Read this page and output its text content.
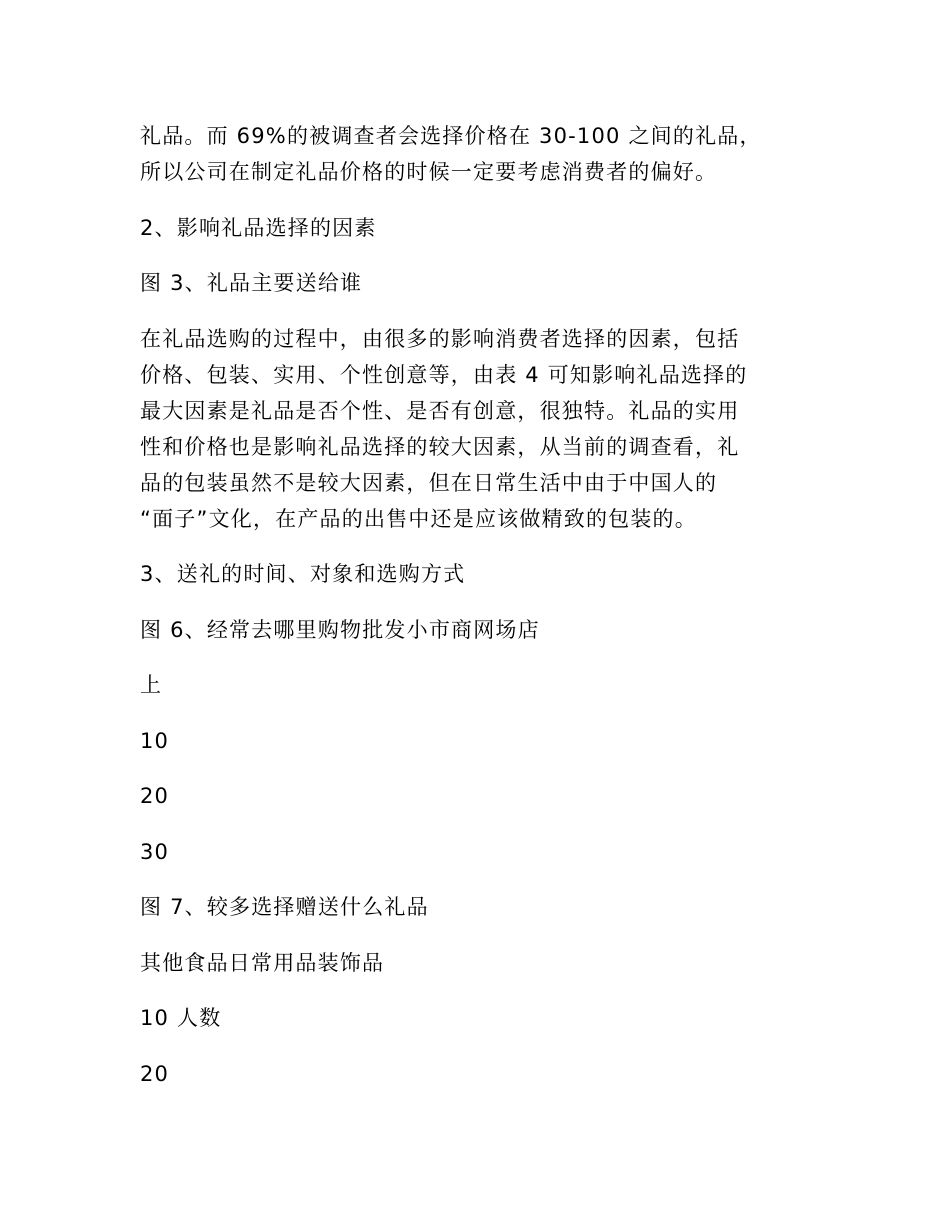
礼品。而 69%的被调查者会选择价格在 30-100 之间的礼品，
所以公司在制定礼品价格的时候一定要考虑消费者的偏好。

2、影响礼品选择的因素

图 3、礼品主要送给谁

在礼品选购的过程中，由很多的影响消费者选择的因素，包括
价格、包装、实用、个性创意等，由表 4 可知影响礼品选择的
最大因素是礼品是否个性、是否有创意，很独特。礼品的实用
性和价格也是影响礼品选择的较大因素，从当前的调查看，礼
品的包装虽然不是较大因素，但在日常生活中由于中国人的
“面子”文化，在产品的出售中还是应该做精致的包装的。

3、送礼的时间、对象和选购方式

图 6、经常去哪里购物批发小市商网场店

上

10

20

30

图 7、较多选择赠送什么礼品

其他食品日常用品装饰品

10 人数

20
